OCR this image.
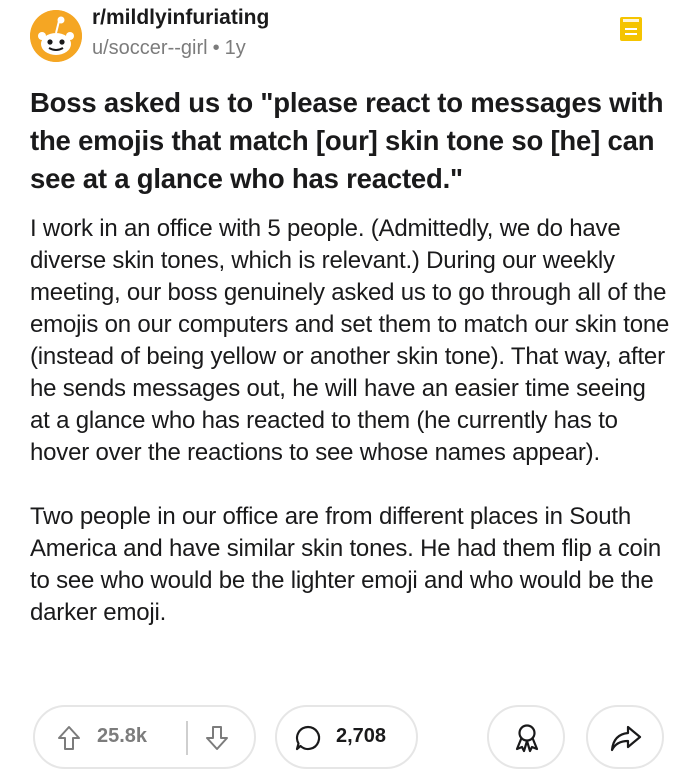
r/mildlyinfuriating
u/soccer--girl • 1y
Boss asked us to "please react to messages with the emojis that match [our] skin tone so [he] can see at a glance who has reacted."

I work in an office with 5 people. (Admittedly, we do have diverse skin tones, which is relevant.) During our weekly meeting, our boss genuinely asked us to go through all of the emojis on our computers and set them to match our skin tone (instead of being yellow or another skin tone). That way, after he sends messages out, he will have an easier time seeing at a glance who has reacted to them (he currently has to hover over the reactions to see whose names appear).

Two people in our office are from different places in South America and have similar skin tones. He had them flip a coin to see who would be the lighter emoji and who would be the darker emoji.

25.8k	2,708
